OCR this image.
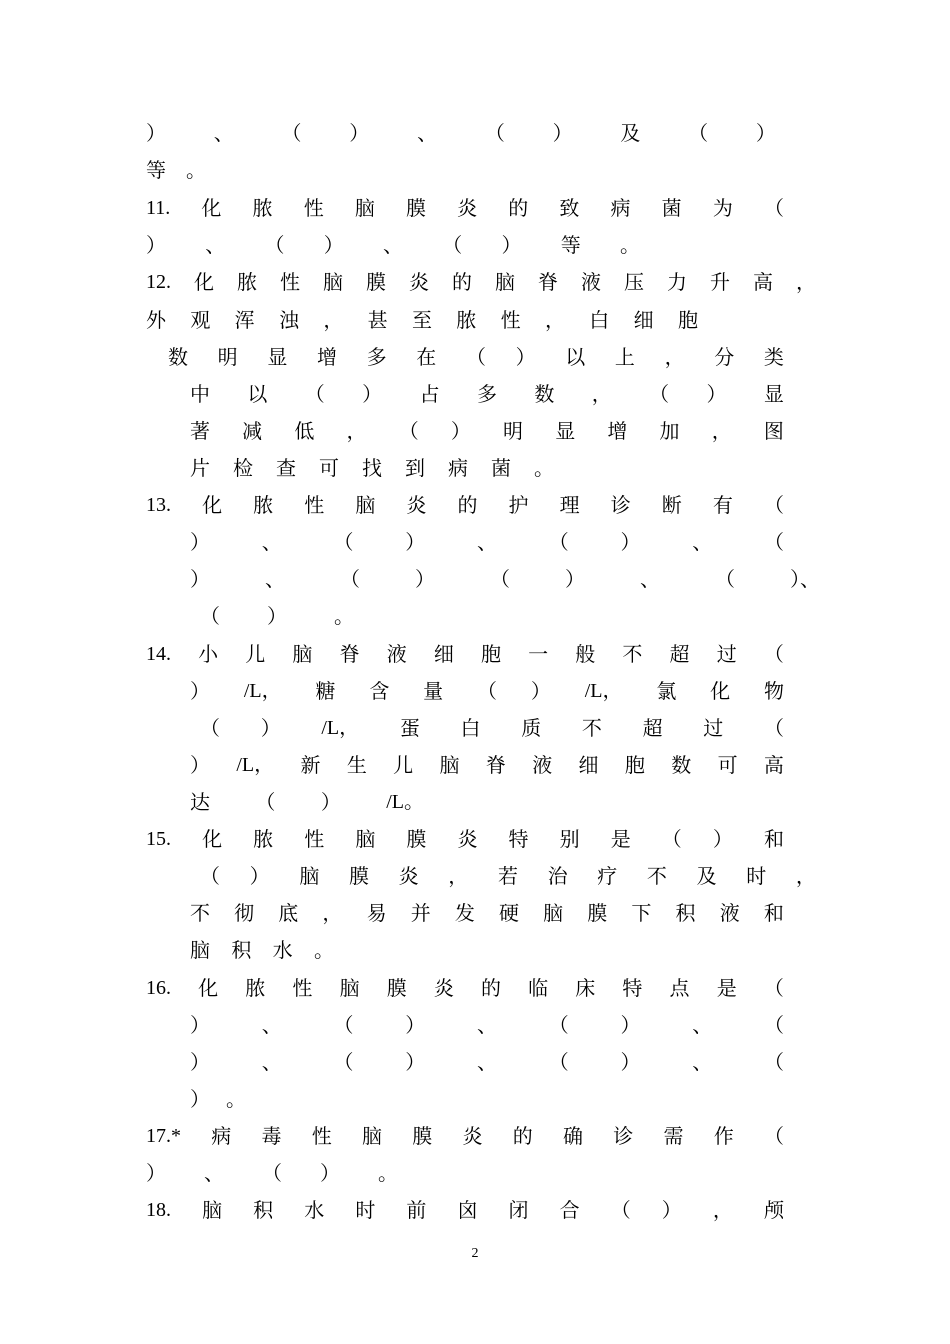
） 、 （ ） 、 （ ） 及 （ ）
等 。
11. 化 脓 性 脑 膜 炎 的 致 病 菌 为 （
） 、 （ ） 、 （ ） 等 。
12. 化 脓 性 脑 膜 炎 的 脑 脊 液 压 力 升 高 ，
外 观 浑 浊 ， 甚 至 脓 性 ， 白 细 胞
数 明 显 增 多 在 （ ） 以 上 ， 分 类
中 以 （ ） 占 多 数 ， （ ） 显
著 减 低 ， （ ） 明 显 增 加 ， 图
片 检 查 可 找 到 病 菌 。
13. 化 脓 性 脑 炎 的 护 理 诊 断 有 （
）	、	（	）	、	（	）	、	（
）	、	（	）	（	）	、	（	）、
（ ） 。
14. 小 儿 脑 脊 液 细 胞 一 般 不 超 过 （
） /L， 糖 含 量 （ ） /L， 氯 化 物
（ ） /L， 蛋 白 质 不 超 过 （
） /L， 新 生 儿 脑 脊 液 细 胞 数 可 高
达 （ ） /L。
15. 化 脓 性 脑 膜 炎 特 别 是 （ ） 和
（ ） 脑 膜 炎 ， 若 治 疗 不 及 时 ，
不 彻 底 ， 易 并 发 硬 脑 膜 下 积 液 和
脑 积 水 。
16. 化 脓 性 脑 膜 炎 的 临 床 特 点 是 （
）	、	（	）	、	（	）	、	（
）	、	（	）	、	（	）	、	（
） 。
17.* 病 毒 性 脑 膜 炎 的 确 诊 需 作 （
） 、 （ ） 。
18. 脑 积 水 时 前 囟 闭 合 （ ） ， 颅
2
